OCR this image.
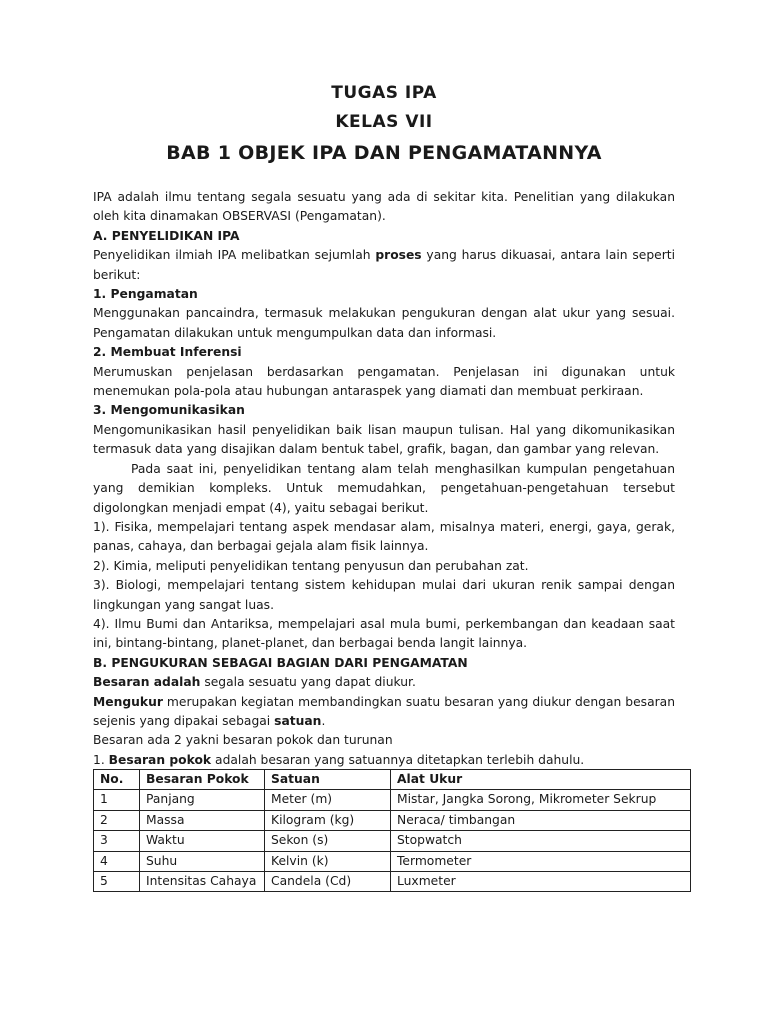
TUGAS IPA
KELAS VII
BAB 1 OBJEK IPA DAN PENGAMATANNYA

IPA adalah ilmu tentang segala sesuatu yang ada di sekitar kita. Penelitian yang dilakukan oleh kita dinamakan OBSERVASI (Pengamatan).

A. PENYELIDIKAN IPA

Penyelidikan ilmiah IPA melibatkan sejumlah proses yang harus dikuasai, antara lain seperti berikut:

1. Pengamatan

Menggunakan pancaindra, termasuk melakukan pengukuran dengan alat ukur yang sesuai. Pengamatan dilakukan untuk mengumpulkan data dan informasi.

2. Membuat Inferensi

Merumuskan penjelasan berdasarkan pengamatan. Penjelasan ini digunakan untuk menemukan pola-pola atau hubungan antaraspek yang diamati dan membuat perkiraan.

3. Mengomunikasikan

Mengomunikasikan hasil penyelidikan baik lisan maupun tulisan. Hal yang dikomunikasikan termasuk data yang disajikan dalam bentuk tabel, grafik, bagan, dan gambar yang relevan.

Pada saat ini, penyelidikan tentang alam telah menghasilkan kumpulan pengetahuan yang demikian kompleks. Untuk memudahkan, pengetahuan-pengetahuan tersebut digolongkan menjadi empat (4), yaitu sebagai berikut.

1). Fisika, mempelajari tentang aspek mendasar alam, misalnya materi, energi, gaya, gerak, panas, cahaya, dan berbagai gejala alam fisik lainnya.

2). Kimia, meliputi penyelidikan tentang penyusun dan perubahan zat.

3). Biologi, mempelajari tentang sistem kehidupan mulai dari ukuran renik sampai dengan lingkungan yang sangat luas.

4). Ilmu Bumi dan Antariksa, mempelajari asal mula bumi, perkembangan dan keadaan saat ini, bintang-bintang, planet-planet, dan berbagai benda langit lainnya.

B. PENGUKURAN SEBAGAI BAGIAN DARI PENGAMATAN

Besaran adalah segala sesuatu yang dapat diukur.

Mengukur merupakan kegiatan membandingkan suatu besaran yang diukur dengan besaran sejenis yang dipakai sebagai satuan.

Besaran ada 2 yakni besaran pokok dan turunan

1. Besaran pokok adalah besaran yang satuannya ditetapkan terlebih dahulu.

No.	Besaran Pokok	Satuan	Alat Ukur
1	Panjang	Meter (m)	Mistar, Jangka Sorong, Mikrometer Sekrup
2	Massa	Kilogram (kg)	Neraca/ timbangan
3	Waktu	Sekon (s)	Stopwatch
4	Suhu	Kelvin (k)	Termometer
5	Intensitas Cahaya	Candela (Cd)	Luxmeter
